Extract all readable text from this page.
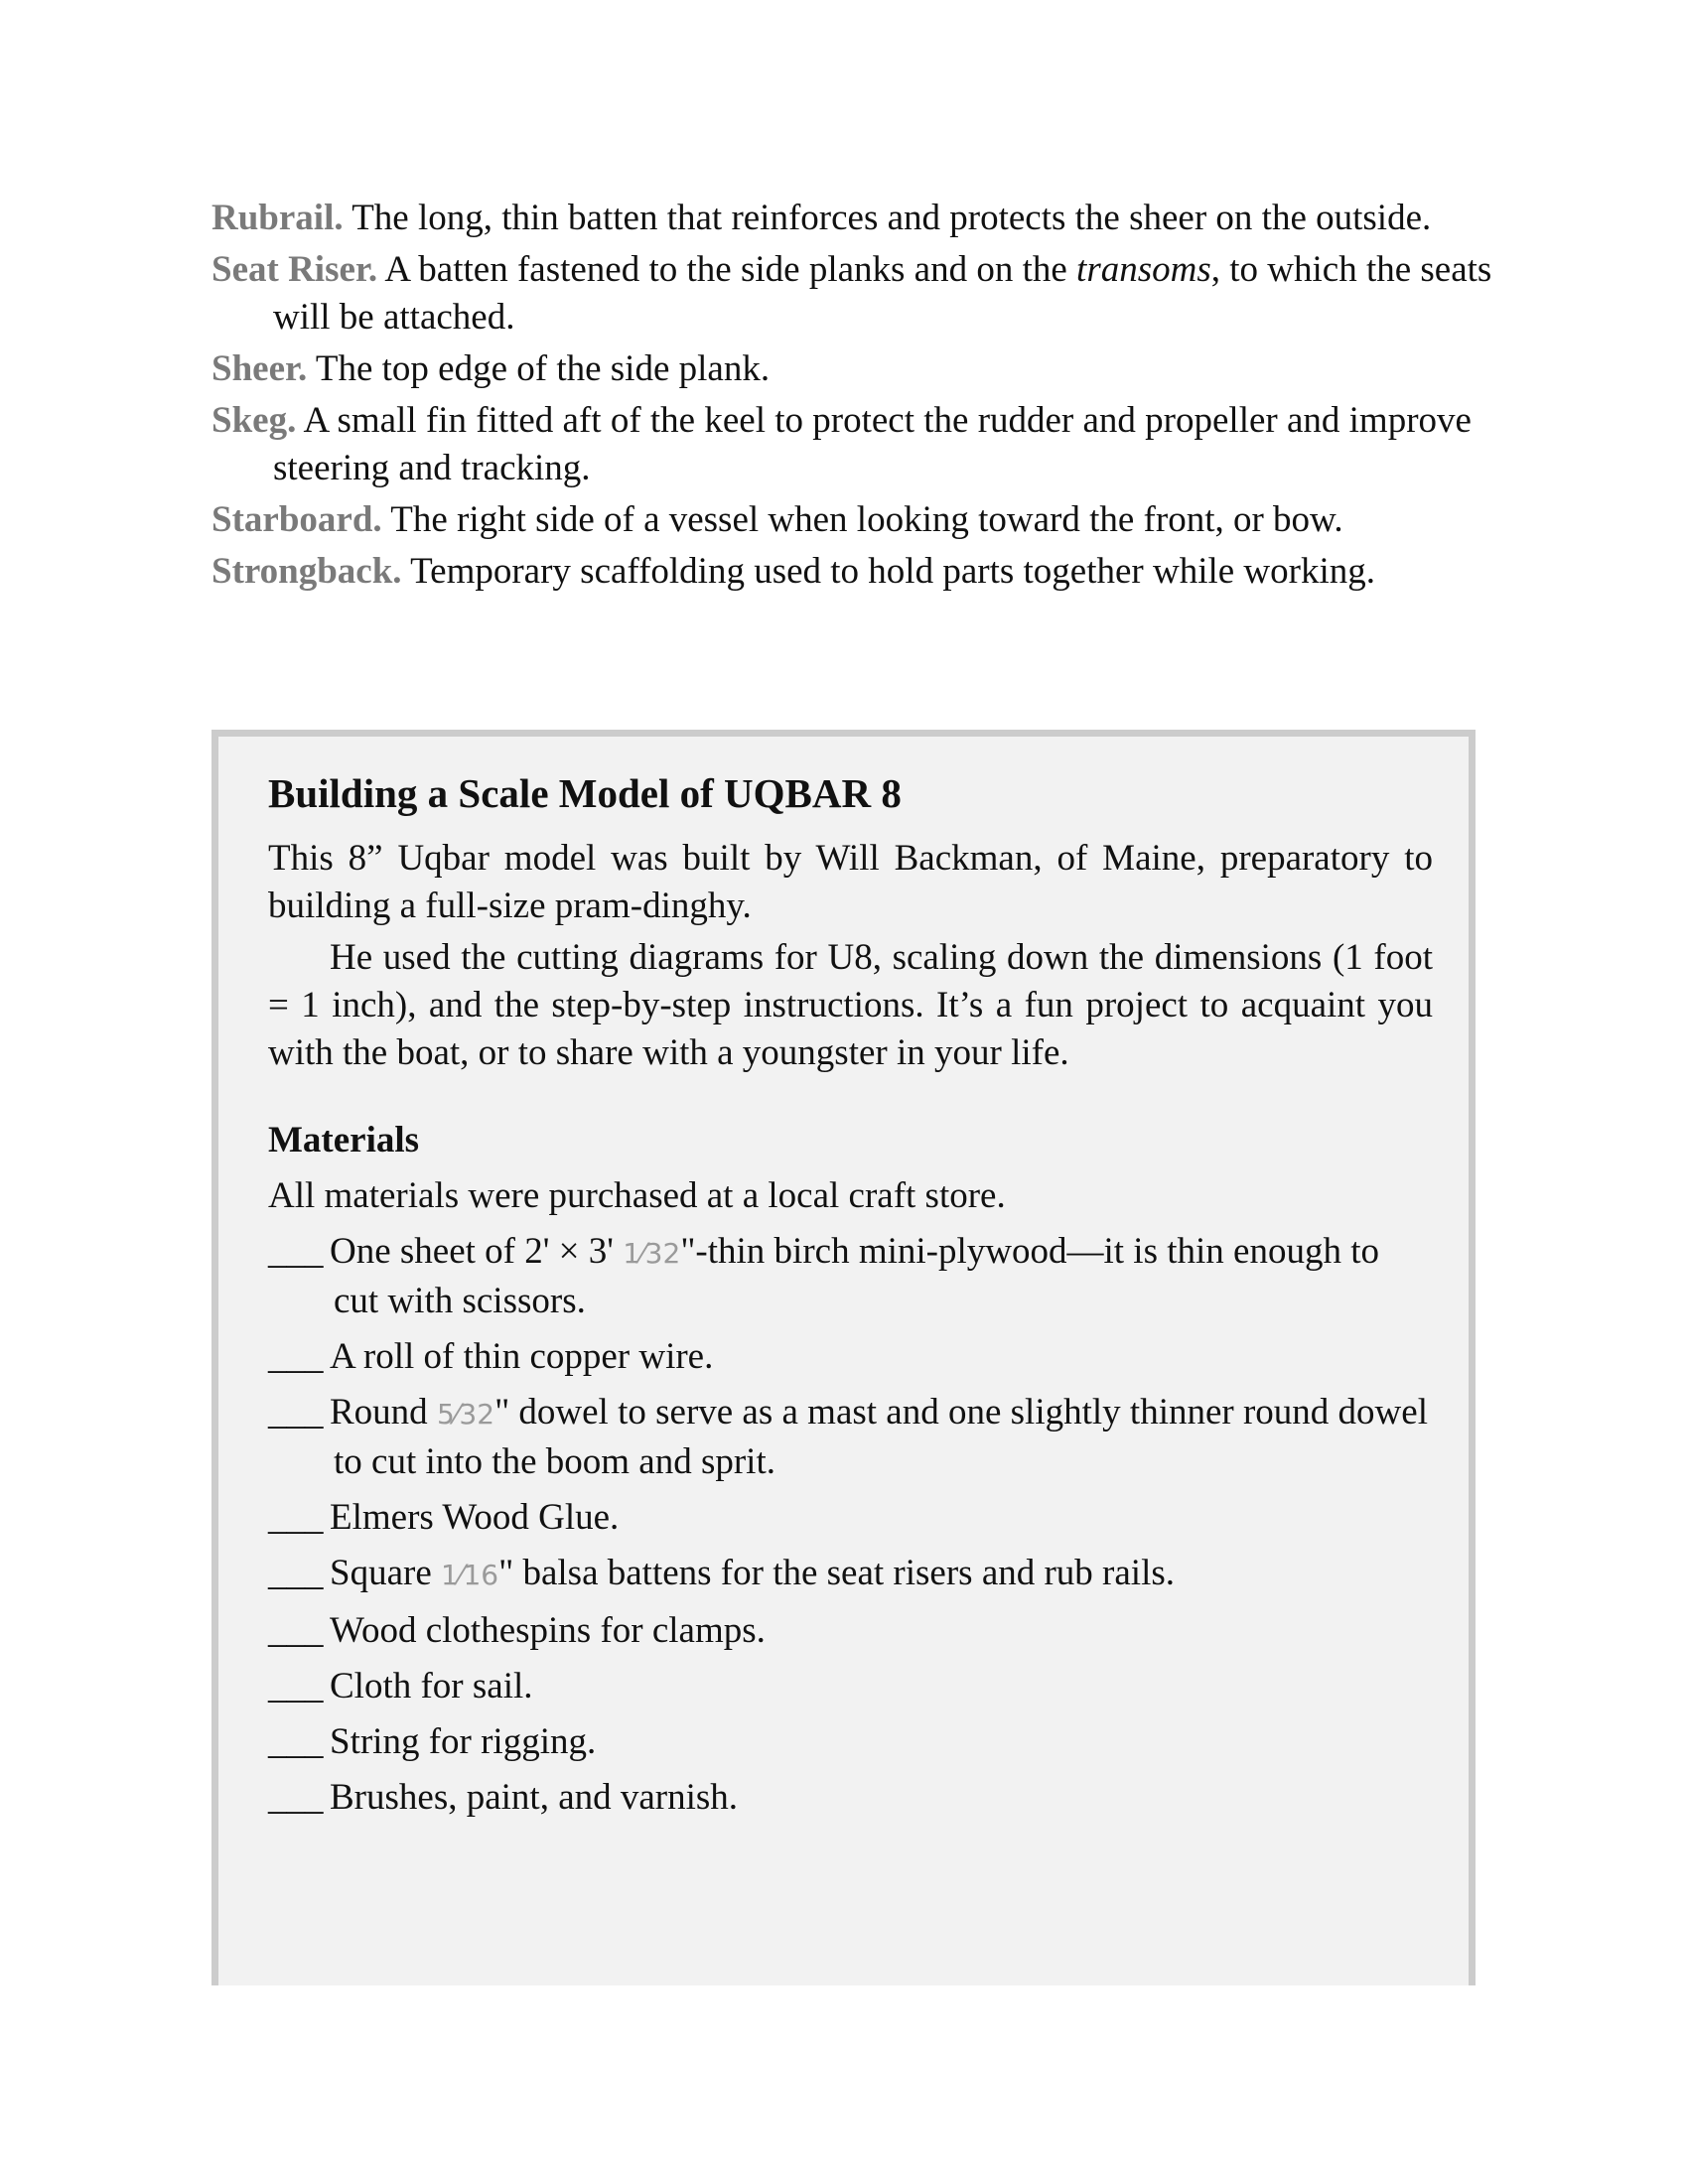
Rubrail. The long, thin batten that reinforces and protects the sheer on the outside.

Seat Riser. A batten fastened to the side planks and on the transoms, to which the seats will be attached.

Sheer. The top edge of the side plank.

Skeg. A small fin fitted aft of the keel to protect the rudder and propeller and improve steering and tracking.

Starboard. The right side of a vessel when looking toward the front, or bow.

Strongback. Temporary scaffolding used to hold parts together while working.

Building a Scale Model of UQBAR 8

This 8” Uqbar model was built by Will Backman, of Maine, preparatory to building a full-size pram-dinghy.

He used the cutting diagrams for U8, scaling down the dimensions (1 foot = 1 inch), and the step-by-step instructions. It’s a fun project to acquaint you with the boat, or to share with a youngster in your life.

Materials

All materials were purchased at a local craft store.

___ One sheet of 2' × 3' 1⁄32"-thin birch mini-plywood—it is thin enough to cut with scissors.
___ A roll of thin copper wire.
___ Round 5⁄32" dowel to serve as a mast and one slightly thinner round dowel to cut into the boom and sprit.
___ Elmers Wood Glue.
___ Square 1⁄16" balsa battens for the seat risers and rub rails.
___ Wood clothespins for clamps.
___ Cloth for sail.
___ String for rigging.
___ Brushes, paint, and varnish.
